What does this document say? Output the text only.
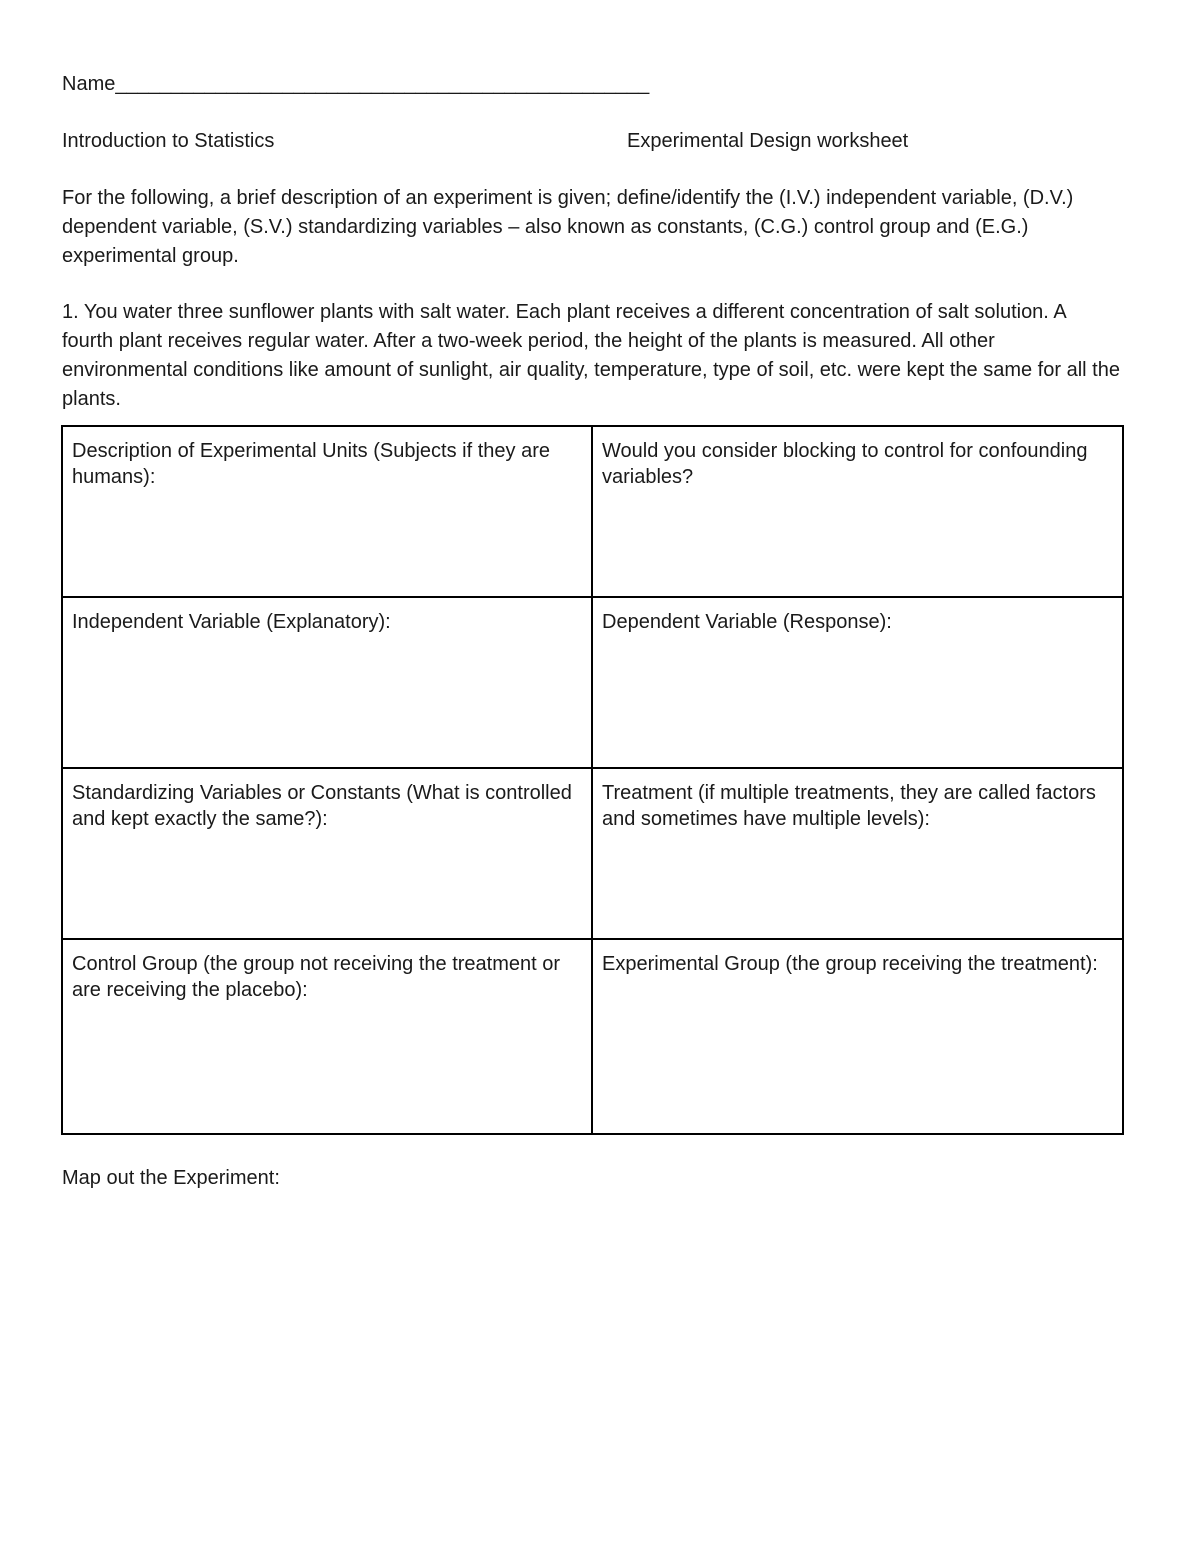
Name________________________________________________
Introduction to Statistics	Experimental Design worksheet
For the following, a brief description of an experiment is given; define/identify the (I.V.) independent variable, (D.V.) dependent variable, (S.V.) standardizing variables – also known as constants, (C.G.) control group and (E.G.) experimental group.
1. You water three sunflower plants with salt water. Each plant receives a different concentration of salt solution. A fourth plant receives regular water. After a two-week period, the height of the plants is measured. All other environmental conditions like amount of sunlight, air quality, temperature, type of soil, etc. were kept the same for all the plants.
Description of Experimental Units (Subjects if they are humans):	Would you consider blocking to control for confounding variables?
Independent Variable (Explanatory):	Dependent Variable (Response):
Standardizing Variables or Constants (What is controlled and kept exactly the same?):	Treatment (if multiple treatments, they are called factors and sometimes have multiple levels):
Control Group (the group not receiving the treatment or are receiving the placebo):	Experimental Group (the group receiving the treatment):
Map out the Experiment:
